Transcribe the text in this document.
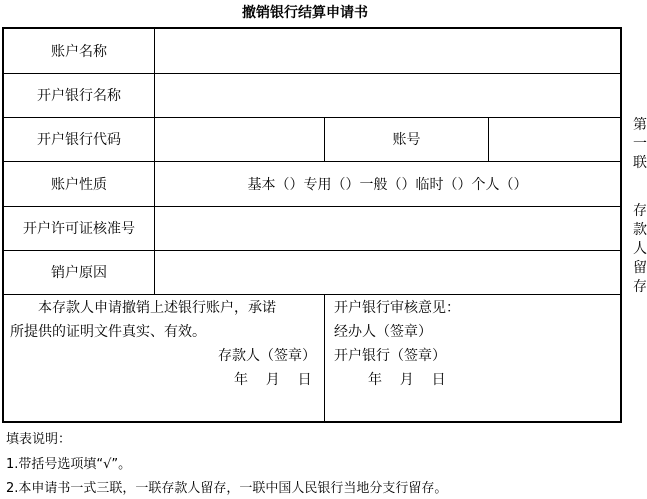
撤销银行结算申请书
账户名称
开户银行名称
开户银行代码	账号
账户性质	基本（）专用（）一般（）临时（）个人（）
开户许可证核准号
销户原因
本存款人申请撤销上述银行账户，承诺
所提供的证明文件真实、有效。
存款人（签章）
年    月    日
开户银行审核意见：
经办人（签章）
开户银行（签章）
年    月    日
第
一
联
存
款
人
留
存
填表说明：
1.带括号选项填“√”。
2.本申请书一式三联，一联存款人留存，一联中国人民银行当地分支行留存。
